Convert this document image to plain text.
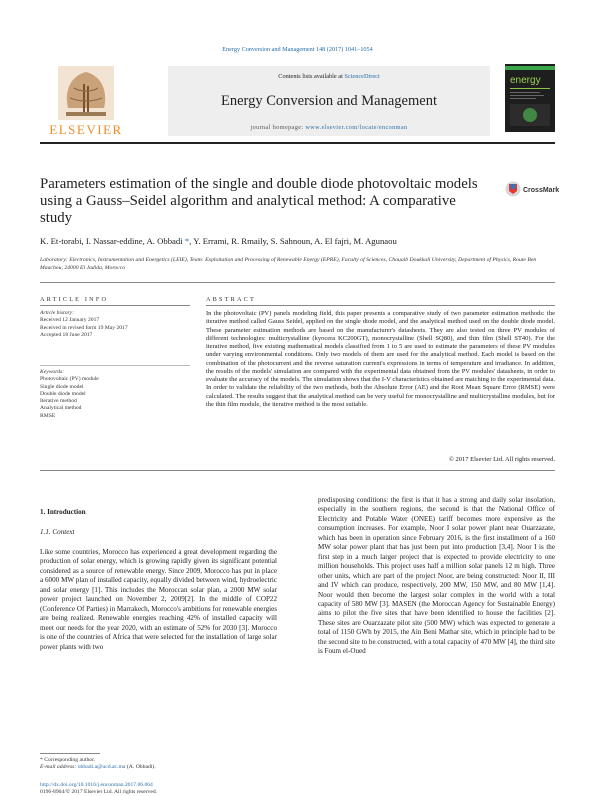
Energy Conversion and Management 148 (2017) 1041–1054
ELSEVIER
Contents lists available at ScienceDirect
Energy Conversion and Management
journal homepage: www.elsevier.com/locate/enconman
energy
Parameters estimation of the single and double diode photovoltaic models using a Gauss–Seidel algorithm and analytical method: A comparative study
CrossMark
K. Et-torabi, I. Nassar-eddine, A. Obbadi *, Y. Errami, R. Rmaily, S. Sahnoun, A. El fajri, M. Agunaou
Laboratory: Electronics, Instrumentation and Energetics (LEIE), Team: Exploitation and Processing of Renewable Energy (EPRE), Faculty of Sciences, Chouaib Doukkali University, Department of Physics, Route Ben Maachou, 24000 El Jadida, Morocco
ARTICLE INFO	ABSTRACT
Article history:
Received 12 January 2017
Received in revised form 19 May 2017
Accepted 18 June 2017
Keywords:
Photovoltaic (PV) module
Single diode model
Double diode model
Iterative method
Analytical method
RMSE
In the photovoltaic (PV) panels modeling field, this paper presents a comparative study of two parameter estimation methods: the iterative method called Gauss Seidel, applied on the single diode model, and the analytical method used on the double diode model. These parameter estimation methods are based on the manufacturer's datasheets. They are also tested on three PV modules of different technologies: multicrystalline (kyocera KC200GT), monocrystalline (Shell SQ80), and thin film (Shell ST40). For the iterative method, five existing mathematical models classified from 1 to 5 are used to estimate the parameters of these PV modules under varying environmental conditions. Only two models of them are used for the analytical method. Each model is based on the combination of the photocurrent and the reverse saturation current's expressions in terms of temperature and irradiance. In addition, the results of the models' simulation are compared with the experimental data obtained from the PV modules' datasheets, in order to evaluate the accuracy of the models. The simulation shows that the I-V characteristics obtained are matching to the experimental data. In order to validate the reliability of the two methods, both the Absolute Error (AE) and the Root Mean Square Error (RMSE) were calculated. The results suggest that the analytical method can be very useful for monocrystalline and multicrystalline modules, but for the thin film module, the iterative method is the most suitable.
© 2017 Elsevier Ltd. All rights reserved.
1. Introduction
1.1. Context
Like some countries, Morocco has experienced a great development regarding the production of solar energy, which is growing rapidly given its significant potential considered as a source of renewable energy. Since 2009, Morocco has put in place a 6000 MW plan of installed capacity, equally divided between wind, hydroelectric and solar energy [1]. This includes the Moroccan solar plan, a 2000 MW solar power project launched on November 2, 2009[2]. In the middle of COP22 (Conference Of Parties) in Marrakech, Morocco's ambitions for renewable energies are being realized. Renewable energies reaching 42% of installed capacity will meet our needs for the year 2020, with an estimate of 52% for 2030 [3]. Morocco is one of the countries of Africa that were selected for the installation of large solar power plants with two
predisposing conditions: the first is that it has a strong and daily solar insolation, especially in the southern regions, the second is that the National Office of Electricity and Potable Water (ONEE) tariff becomes more expensive as the consumption increases. For example, Noor I solar power plant near Ouarzazate, which has been in operation since February 2016, is the first installment of a 160 MW solar power plant that has just been put into production [3,4]. Noor I is the first step in a much larger project that is expected to provide electricity to one million households. This project uses half a million solar panels 12 m high. Three other units, which are part of the project Noor, are being constructed: Noor II, III and IV which can produce, respectively, 200 MW, 150 MW, and 80 MW [1,4]. Noor would then become the largest solar complex in the world with a total capacity of 580 MW [3]. MASEN (the Moroccan Agency for Sustainable Energy) aims to pilot the five sites that have been identified to house the facilities [2]. These sites are Ouarzazate pilot site (500 MW) which was expected to generate a total of 1150 GWh by 2015, the Ain Beni Mathar site, which in principle had to be the second site to be constructed, with a total capacity of 470 MW [4], the third site is Foum el-Oued
* Corresponding author.
E-mail address: obbadi.a@ucd.ac.ma (A. Obbadi).
http://dx.doi.org/10.1016/j.enconman.2017.06.064
0196-8904/© 2017 Elsevier Ltd. All rights reserved.
